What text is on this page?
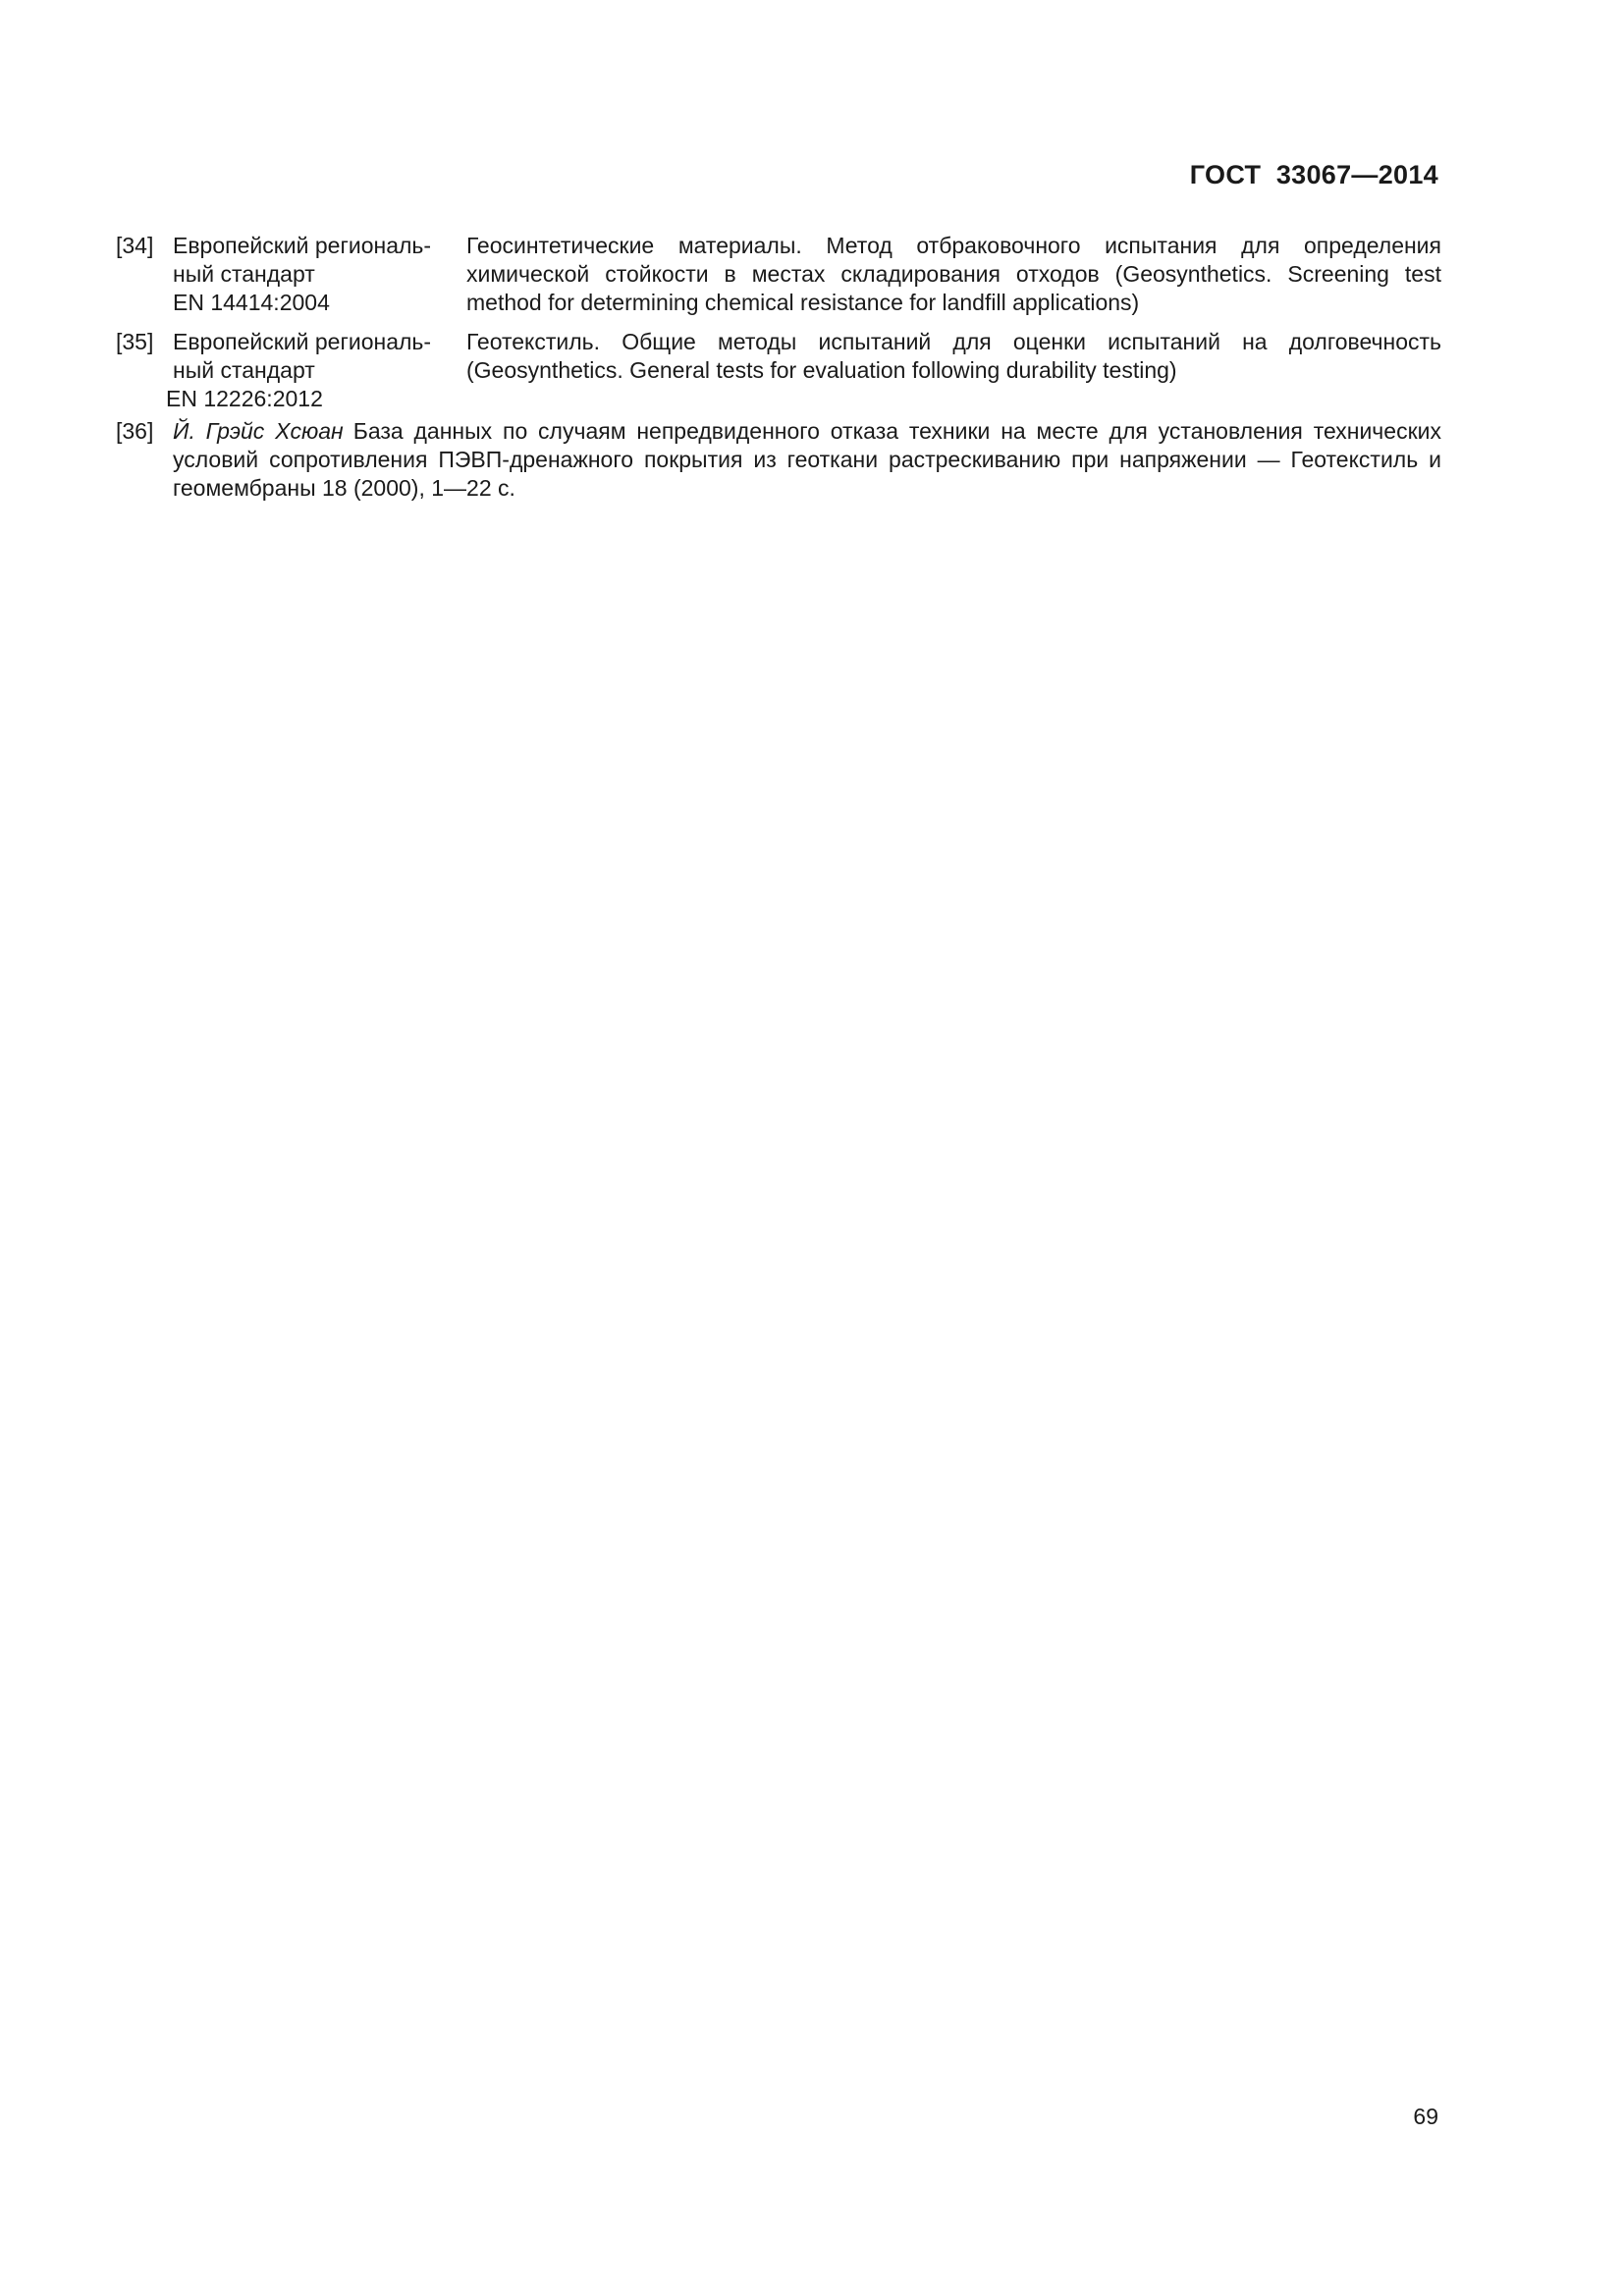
ГОСТ  33067—2014
[34] Европейский региональ-
ный стандарт
EN 14414:2004
Геосинтетические материалы. Метод отбраковочного испытания для определения химической стойкости в местах складирования отходов (Geosynthetics. Screening test method for determining chemical resistance for landfill applications)
[35] Европейский региональ-
ный стандарт
EN 12226:2012
Геотекстиль. Общие методы испытаний для оценки испытаний на долговечность (Geosynthetics. General tests for evaluation following durability testing)
[36] Й. Грэйс Хсюан База данных по случаям непредвиденного отказа техники на месте для установления технических условий сопротивления ПЭВП-дренажного покрытия из геоткани растрескиванию при напряжении — Геотекстиль и геомембраны 18 (2000), 1—22 с.
69
